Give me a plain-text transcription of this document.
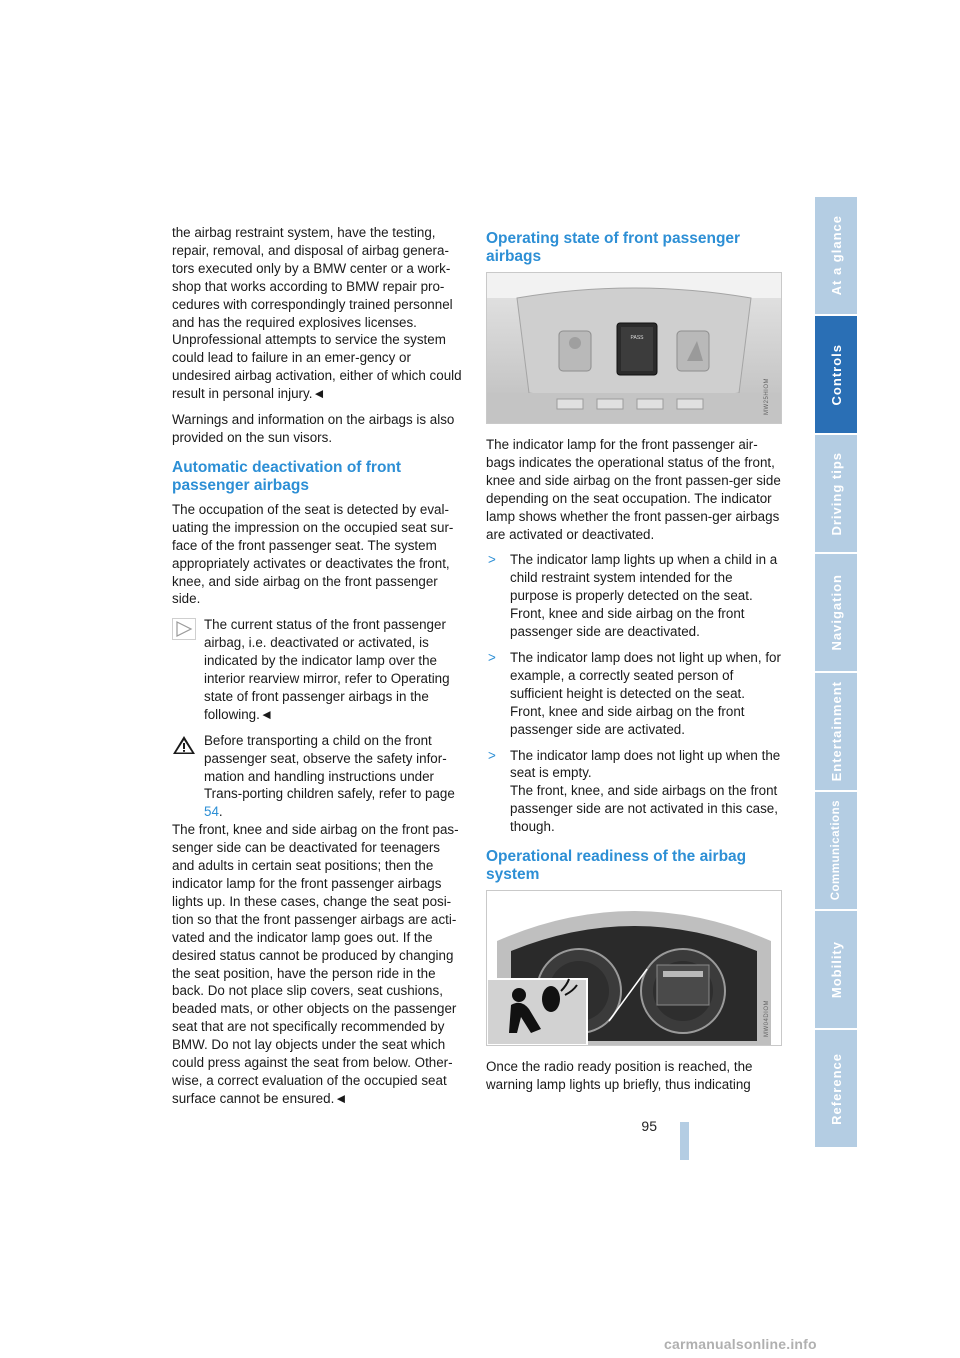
the airbag restraint system, have the testing, repair, removal, and disposal of airbag genera-tors executed only by a BMW center or a work-shop that works according to BMW repair pro-cedures with correspondingly trained personnel and has the required explosives licenses. Unprofessional attempts to service the system could lead to failure in an emer-gency or undesired airbag activation, either of which could result in personal injury.◄

Warnings and information on the airbags is also provided on the sun visors.

Automatic deactivation of front passenger airbags

The occupation of the seat is detected by eval-uating the impression on the occupied seat sur-face of the front passenger seat. The system appropriately activates or deactivates the front, knee, and side airbag on the front passenger side.

The current status of the front passenger airbag, i.e. deactivated or activated, is indicated by the indicator lamp over the interior rearview mirror, refer to Operating state of front passenger airbags in the following.◄

Before transporting a child on the front passenger seat, observe the safety infor-mation and handling instructions under Trans-porting children safely, refer to page 54.

The front, knee and side airbag on the front pas-senger side can be deactivated for teenagers and adults in certain seat positions; then the indicator lamp for the front passenger airbags lights up. In these cases, change the seat posi-tion so that the front passenger airbags are acti-vated and the indicator lamp goes out. If the desired status cannot be produced by changing the seat position, have the person ride in the back. Do not place slip covers, seat cushions, beaded mats, or other objects on the passenger seat that are not specifically recommended by BMW. Do not lay objects under the seat which could press against the seat from below. Other-wise, a correct evaluation of the occupied seat surface cannot be ensured.◄

Operating state of front passenger airbags
PASS
MW25HIOM

The indicator lamp for the front passenger air-bags indicates the operational status of the front, knee and side airbag on the front passen-ger side depending on the seat occupation. The indicator lamp shows whether the front passen-ger airbags are activated or deactivated.

> The indicator lamp lights up when a child in a child restraint system intended for the purpose is properly detected on the seat. Front, knee and side airbag on the front passenger side are deactivated.
> The indicator lamp does not light up when, for example, a correctly seated person of sufficient height is detected on the seat. Front, knee and side airbag on the front passenger side are activated.
> The indicator lamp does not light up when the seat is empty.
The front, knee, and side airbags on the front passenger side are not activated in this case, though.
Operational readiness of the airbag system
MW04DIOM

Once the radio ready position is reached, the warning lamp lights up briefly, thus indicating

At a glance
Controls
Driving tips
Navigation
Entertainment
Communications
Mobility
Reference
95
carmanualsonline.info
